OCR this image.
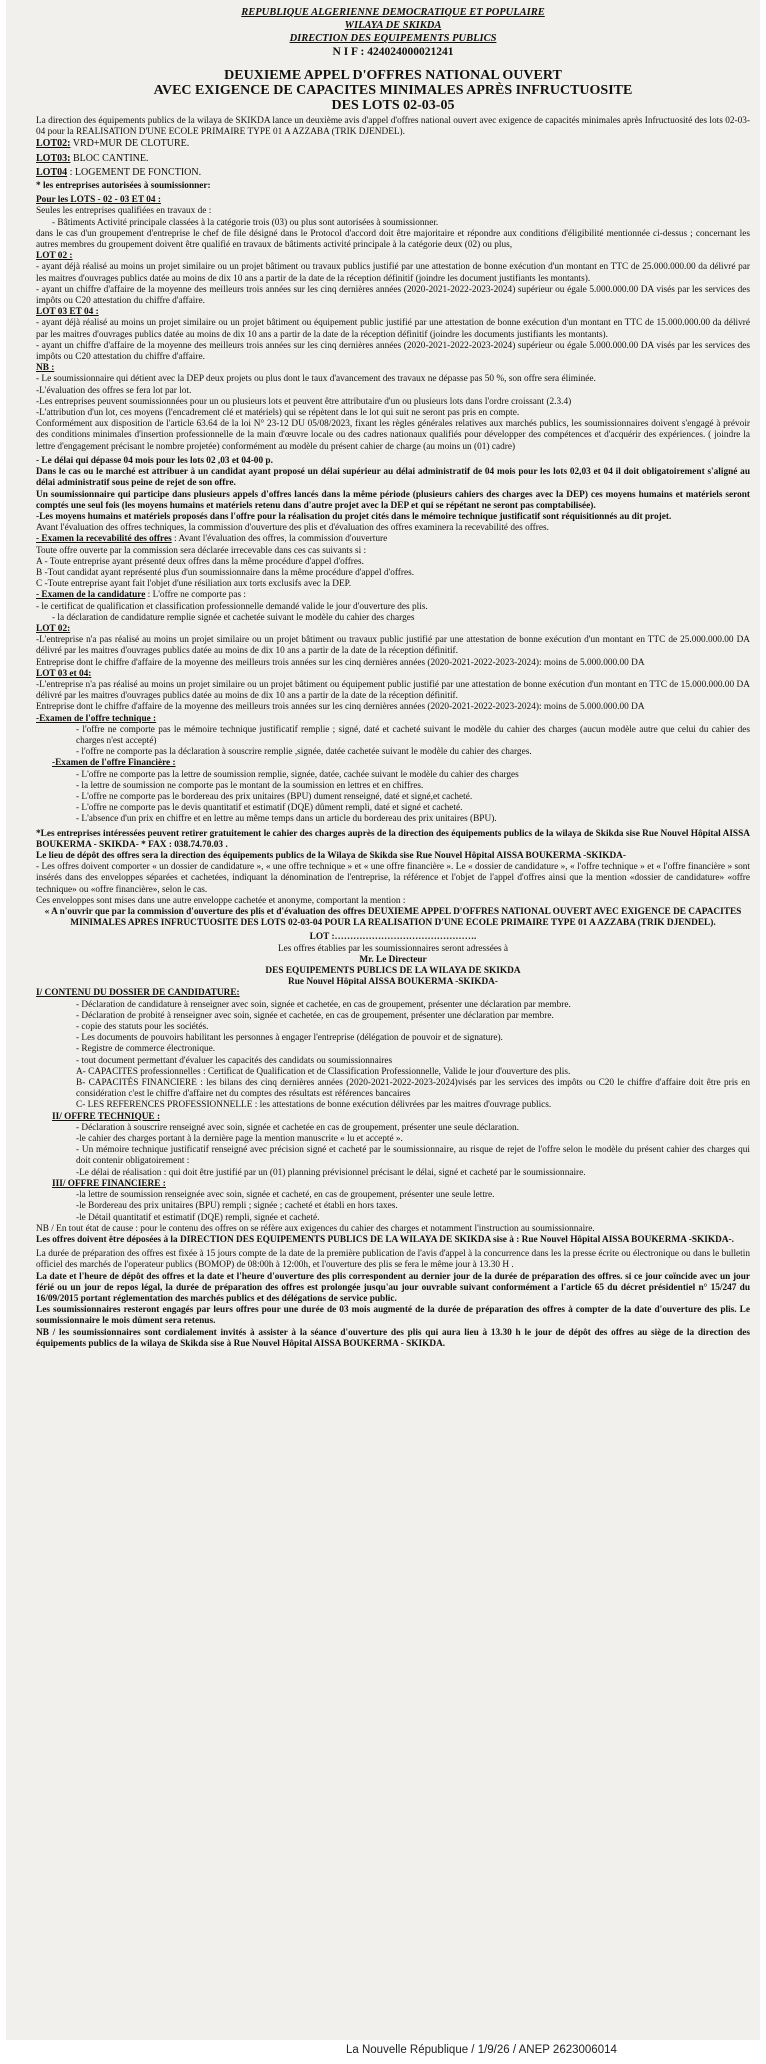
REPUBLIQUE ALGERIENNE DEMOCRATIQUE ET POPULAIRE

WILAYA DE SKIKDA

DIRECTION DES EQUIPEMENTS PUBLICS

N I F : 424024000021241

DEUXIEME APPEL D'OFFRES NATIONAL OUVERT

AVEC EXIGENCE DE CAPACITES MINIMALES APRÈS INFRUCTUOSITE

DES LOTS 02-03-05

La direction des équipements publics de la wilaya de SKIKDA lance un deuxième avis d'appel d'offres national ouvert avec exigence de capacités minimales après Infructuosité des lots 02-03-04 pour la REALISATION D'UNE ECOLE PRIMAIRE TYPE 01 A AZZABA (TRIK DJENDEL).

LOT02: VRD+MUR DE CLOTURE.

LOT03: BLOC CANTINE.

LOT04 : LOGEMENT DE FONCTION.

* les entreprises autorisées à soumissionner:

Pour les LOTS - 02 - 03 ET 04 :

Seules les entreprises qualifiées en travaux de :

- Bâtiments Activité principale classées à la catégorie trois (03) ou plus sont autorisées à soumissionner.

dans le cas d'un groupement d'entreprise le chef de file désigné dans le Protocol d'accord doit être majoritaire et répondre aux conditions d'éligibilité mentionnée ci-dessus ; concernant les autres membres du groupement doivent être qualifié en travaux de bâtiments activité principale à la catégorie deux (02) ou plus,

LOT 02 :

- ayant déjà réalisé au moins un projet similaire ou un projet bâtiment ou travaux publics justifié par une attestation de bonne exécution d'un montant en TTC de 25.000.000.00 da délivré par les maitres d'ouvrages publics datée au moins de dix 10 ans a partir de la date de la réception définitif (joindre les document justifiants les montants).

- ayant un chiffre d'affaire de la moyenne des meilleurs trois années sur les cinq dernières années (2020-2021-2022-2023-2024) supérieur ou égale 5.000.000.00 DA visés par les services des impôts ou C20 attestation du chiffre d'affaire.

LOT 03 ET 04 :

- ayant déjà réalisé au moins un projet similaire ou un projet bâtiment ou équipement public justifié par une attestation de bonne exécution d'un montant en TTC de 15.000.000.00 da délivré par les maitres d'ouvrages publics datée au moins de dix 10 ans a partir de la date de la réception définitif (joindre les documents justifiants les montants).

- ayant un chiffre d'affaire de la moyenne des meilleurs trois années sur les cinq dernières années (2020-2021-2022-2023-2024) supérieur ou égale 5.000.000.00 DA visés par les services des impôts ou C20 attestation du chiffre d'affaire.

NB :

- Le soumissionnaire qui détient avec la DEP deux projets ou plus dont le taux d'avancement des travaux ne dépasse pas 50 %, son offre sera éliminée.

-L'évaluation des offres se fera lot par lot.

-Les entreprises peuvent soumissionnées pour un ou plusieurs lots et peuvent être attributaire d'un ou plusieurs lots dans l'ordre croissant (2.3.4)

-L'attribution d'un lot, ces moyens (l'encadrement clé et matériels) qui se répètent dans le lot qui suit ne seront pas pris en compte.

Conformément aux disposition de l'article 63.64 de la loi N° 23-12 DU 05/08/2023, fixant les règles générales relatives aux marchés publics, les soumissionnaires doivent s'engagé à prévoir des conditions minimales d'insertion professionnelle de la main d'œuvre locale ou des cadres nationaux qualifiés pour développer des compétences et d'acquérir des expériences. ( joindre la lettre d'engagement précisant le nombre projetée) conformément au modèle du présent cahier de charge (au moins un (01) cadre)

- Le délai qui dépasse 04 mois pour les lots 02 ,03 et 04-00 p.

Dans le cas ou le marché est attribuer à un candidat ayant proposé un délai supérieur au délai administratif de 04 mois pour les lots 02,03 et 04 il doit obligatoirement s'aligné au délai administratif sous peine de rejet de son offre.

Un soumissionnaire qui participe dans plusieurs appels d'offres lancés dans la même période (plusieurs cahiers des charges avec la DEP) ces moyens humains et matériels seront comptés une seul fois (les moyens humains et matériels retenu dans d'autre projet avec la DEP et qui se répétant ne seront pas comptabilisée).

-Les moyens humains et matériels proposés dans l'offre pour la réalisation du projet cités dans le mémoire technique justificatif sont réquisitionnés au dit projet.

Avant l'évaluation des offres techniques, la commission d'ouverture des plis et d'évaluation des offres examinera la recevabilité des offres.

- Examen la recevabilité des offres : Avant l'évaluation des offres, la commission d'ouverture

Toute offre ouverte par la commission sera déclarée irrecevable dans ces cas suivants si :

A - Toute entreprise ayant présenté deux offres dans la même procédure d'appel d'offres.

B -Tout candidat ayant représenté plus d'un soumissionnaire dans la même procédure d'appel d'offres.

C -Toute entreprise ayant fait l'objet d'une résiliation aux torts exclusifs avec la DEP.

- Examen de la candidature : L'offre ne comporte pas :

- le certificat de qualification et classification professionnelle demandé valide le jour d'ouverture des plis.

- la déclaration de candidature remplie signée et cachetée suivant le modèle du cahier des charges

LOT 02:

-L'entreprise n'a pas réalisé au moins un projet similaire ou un projet bâtiment ou travaux public justifié par une attestation de bonne exécution d'un montant en TTC de 25.000.000.00 DA délivré par les maitres d'ouvrages publics datée au moins de dix 10 ans a partir de la date de la réception définitif.

Entreprise dont le chiffre d'affaire de la moyenne des meilleurs trois années sur les cinq dernières années (2020-2021-2022-2023-2024): moins de 5.000.000.00 DA

LOT 03 et 04:

-L'entreprise n'a pas réalisé au moins un projet similaire ou un projet bâtiment ou équipement public justifié par une attestation de bonne exécution d'un montant en TTC de 15.000.000.00 DA délivré par les maitres d'ouvrages publics datée au moins de dix 10 ans a partir de la date de la réception définitif.

Entreprise dont le chiffre d'affaire de la moyenne des meilleurs trois années sur les cinq dernières années (2020-2021-2022-2023-2024): moins de 5.000.000.00 DA

-Examen de l'offre technique :

- l'offre ne comporte pas le mémoire technique justificatif remplie ; signé, daté et cacheté suivant le modèle du cahier des charges (aucun modèle autre que celui du cahier des charges n'est accepté)

- l'offre ne comporte pas la déclaration à souscrire remplie ,signée, datée cachetée suivant le modèle du cahier des charges.

-Examen de l'offre Financière :

- L'offre ne comporte pas la lettre de soumission remplie, signée, datée, cachée suivant le modèle du cahier des charges

- la lettre de soumission ne comporte pas le montant de la soumission en lettres et en chiffres.

- L'offre ne comporte pas le bordereau des prix unitaires (BPU) dument renseigné, daté et signé,et cacheté.

- L'offre ne comporte pas le devis quantitatif et estimatif (DQE) dûment rempli, daté et signé et cacheté.

- L'absence d'un prix en chiffre et en lettre au même temps dans un article du bordereau des prix unitaires (BPU).

*Les entreprises intéressées peuvent retirer gratuitement le cahier des charges auprès de la direction des équipements publics de la wilaya de Skikda sise Rue Nouvel Hôpital AISSA BOUKERMA - SKIKDA- * FAX : 038.74.70.03 .

Le lieu de dépôt des offres sera la direction des équipements publics de la Wilaya de Skikda sise Rue Nouvel Hôpital AISSA BOUKERMA -SKIKDA-

- Les offres doivent comporter « un dossier de candidature », « une offre technique » et « une offre financière ». Le « dossier de candidature », « l'offre technique » et « l'offre financière » sont insérés dans des enveloppes séparées et cachetées, indiquant la dénomination de l'entreprise, la référence et l'objet de l'appel d'offres ainsi que la mention «dossier de candidature» «offre technique» ou «offre financière», selon le cas.

Ces enveloppes sont mises dans une autre enveloppe cachetée et anonyme, comportant la mention :

« A n'ouvrir que par la commission d'ouverture des plis et d'évaluation des offres DEUXIEME APPEL D'OFFRES NATIONAL OUVERT AVEC EXIGENCE DE CAPACITES MINIMALES APRES INFRUCTUOSITE DES LOTS 02-03-04 POUR LA REALISATION D'UNE ECOLE PRIMAIRE TYPE 01 A AZZABA (TRIK DJENDEL).

LOT :……………………………………….

Les offres établies par les soumissionnaires seront adressées à

Mr. Le Directeur

DES EQUIPEMENTS PUBLICS DE LA WILAYA DE SKIKDA

Rue Nouvel Hôpital AISSA BOUKERMA -SKIKDA-

I/ CONTENU DU DOSSIER DE CANDIDATURE:

- Déclaration de candidature à renseigner avec soin, signée et cachetée, en cas de groupement, présenter une déclaration par membre.

- Déclaration de probité à renseigner avec soin, signée et cachetée, en cas de groupement, présenter une déclaration par membre.

- copie des statuts pour les sociétés.

- Les documents de pouvoirs habilitant les personnes à engager l'entreprise (délégation de pouvoir et de signature).

- Registre de commerce électronique.

- tout document permettant d'évaluer les capacités des candidats ou soumissionnaires

A- CAPACITES professionnelles : Certificat de Qualification et de Classification Professionnelle, Valide le jour d'ouverture des plis.

B- CAPACITÉS FINANCIERE : les bilans des cinq dernières années (2020-2021-2022-2023-2024)visés par les services des impôts ou C20 le chiffre d'affaire doit être pris en considération c'est le chiffre d'affaire net du comptes des résultats est références bancaires

C- LES REFERENCES PROFESSIONNELLE : les attestations de bonne exécution délivrées par les maitres d'ouvrage publics.

II/ OFFRE TECHNIQUE :

- Déclaration à souscrire renseigné avec soin, signée et cachetée en cas de groupement, présenter une seule déclaration.

-le cahier des charges portant à la dernière page la mention manuscrite « lu et accepté ».

- Un mémoire technique justificatif renseigné avec précision signé et cacheté par le soumissionnaire, au risque de rejet de l'offre selon le modèle du présent cahier des charges qui doit contenir obligatoirement :

-Le délai de réalisation : qui doit être justifié par un (01) planning prévisionnel précisant le délai, signé et cacheté par le soumissionnaire.

III/ OFFRE FINANCIERE :

-la lettre de soumission renseignée avec soin, signée et cacheté, en cas de groupement, présenter une seule lettre.

-le Bordereau des prix unitaires (BPU) rempli ; signée ; cacheté et établi en hors taxes.

-le Détail quantitatif et estimatif (DQE) rempli, signée et cacheté.

NB / En tout état de cause : pour le contenu des offres on se réfère aux exigences du cahier des charges et notamment l'instruction au soumissionnaire.

Les offres doivent être déposées à la DIRECTION DES EQUIPEMENTS PUBLICS DE LA WILAYA DE SKIKDA sise à : Rue Nouvel Hôpital AISSA BOUKERMA -SKIKDA-.

La durée de préparation des offres est fixée à 15 jours compte de la date de la première publication de l'avis d'appel à la concurrence dans les la presse écrite ou électronique ou dans le bulletin officiel des marchés de l'operateur publics (BOMOP) de 08:00h à 12:00h, et l'ouverture des plis se fera le même jour à 13.30 H .

La date et l'heure de dépôt des offres et la date et l'heure d'ouverture des plis correspondent au dernier jour de la durée de préparation des offres. si ce jour coïncide avec un jour férié ou un jour de repos légal, la durée de préparation des offres est prolongée jusqu'au jour ouvrable suivant conformément a l'article 65 du décret présidentiel n° 15/247 du 16/09/2015 portant réglementation des marchés publics et des délégations de service public.

Les soumissionnaires resteront engagés par leurs offres pour une durée de 03 mois augmenté de la durée de préparation des offres à compter de la date d'ouverture des plis. Le soumissionnaire le mois dûment sera retenus.

NB / les soumissionnaires sont cordialement invités à assister à la séance d'ouverture des plis qui aura lieu à 13.30 h le jour de dépôt des offres au siège de la direction des équipements publics de la wilaya de Skikda sise à Rue Nouvel Hôpital AISSA BOUKERMA - SKIKDA.

La Nouvelle République / 1/9/26 / ANEP 2623006014
